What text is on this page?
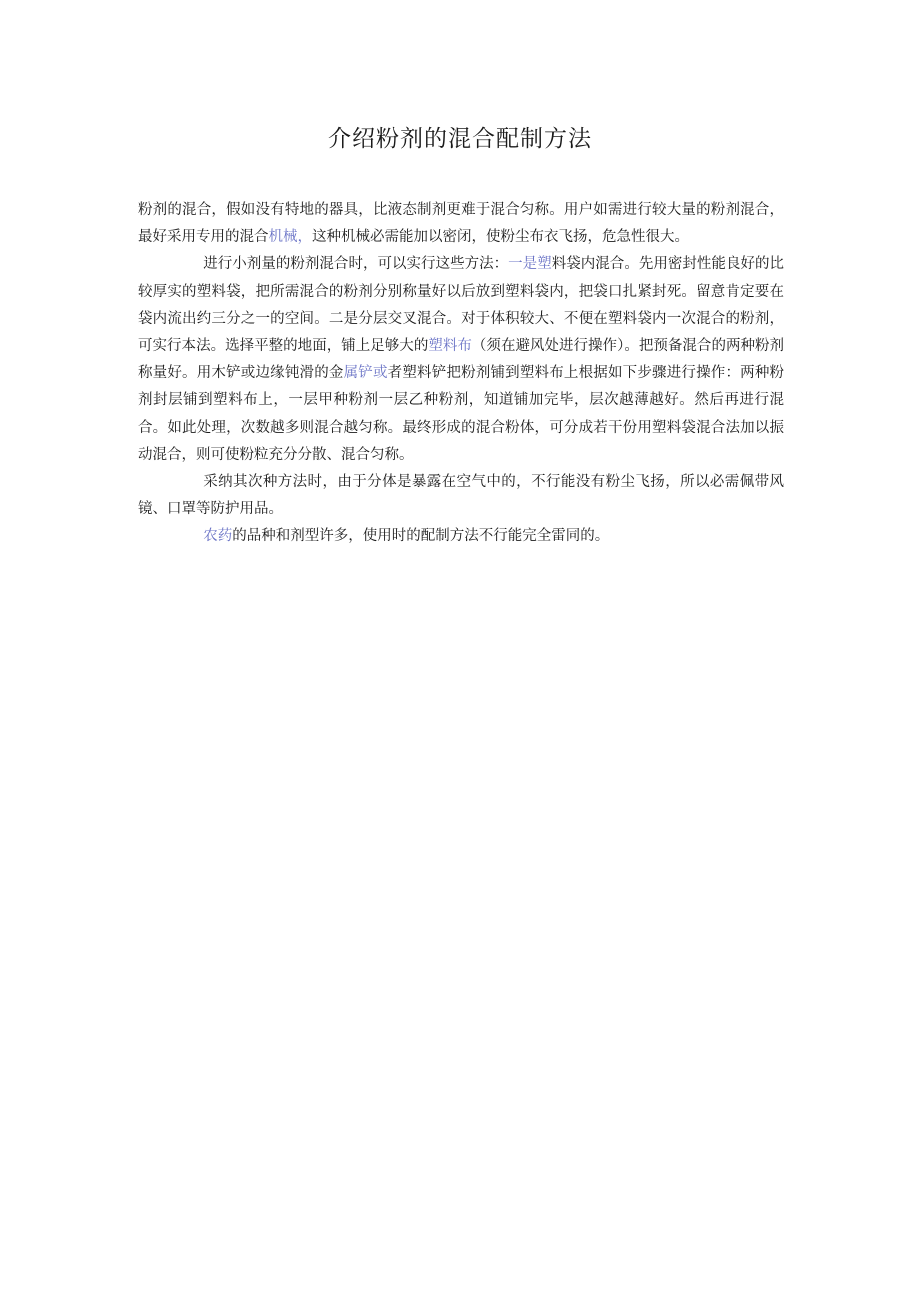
介绍粉剂的混合配制方法

粉剂的混合，假如没有特地的器具，比液态制剂更难于混合匀称。用户如需进行较大量的粉剂混合，最好采用专用的混合机械，这种机械必需能加以密闭，使粉尘布衣飞扬，危急性很大。

进行小剂量的粉剂混合时，可以实行这些方法：一是塑料袋内混合。先用密封性能良好的比较厚实的塑料袋，把所需混合的粉剂分别称量好以后放到塑料袋内，把袋口扎紧封死。留意肯定要在袋内流出约三分之一的空间。二是分层交叉混合。对于体积较大、不便在塑料袋内一次混合的粉剂，可实行本法。选择平整的地面，铺上足够大的塑料布（须在避风处进行操作）。把预备混合的两种粉剂称量好。用木铲或边缘钝滑的金属铲或者塑料铲把粉剂铺到塑料布上根据如下步骤进行操作：两种粉剂封层铺到塑料布上，一层甲种粉剂一层乙种粉剂，知道铺加完毕，层次越薄越好。然后再进行混合。如此处理，次数越多则混合越匀称。最终形成的混合粉体，可分成若干份用塑料袋混合法加以振动混合，则可使粉粒充分分散、混合匀称。

采纳其次种方法时，由于分体是暴露在空气中的，不行能没有粉尘飞扬，所以必需佩带风镜、口罩等防护用品。

农药的品种和剂型许多，使用时的配制方法不行能完全雷同的。
